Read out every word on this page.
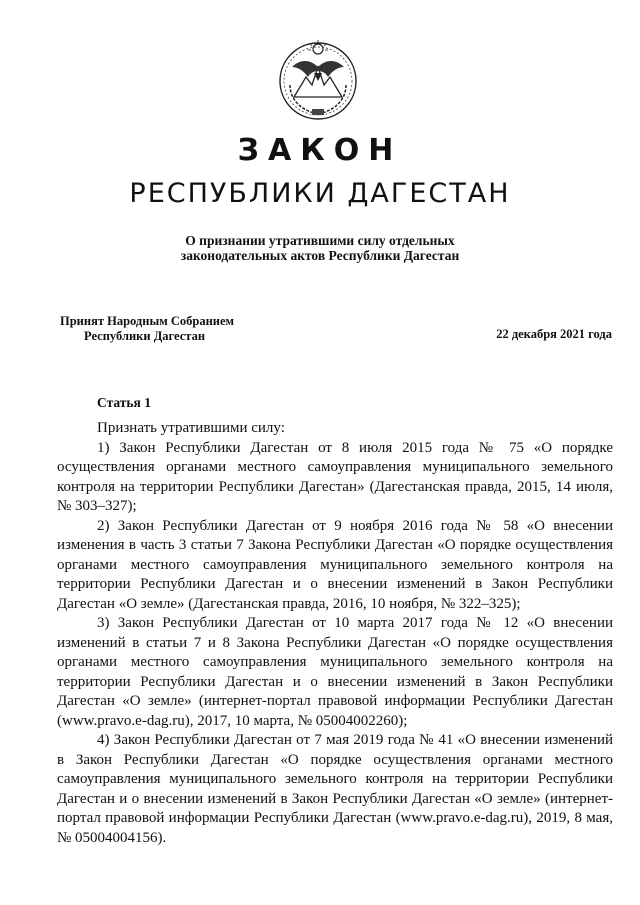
ЗАКОН
РЕСПУБЛИКИ ДАГЕСТАН
О признании утратившими силу отдельных законодательных актов Республики Дагестан
Принят Народным Собранием
Республики Дагестан	22 декабря 2021 года
Статья 1

Признать утратившими силу:

1) Закон Республики Дагестан от 8 июля 2015 года № 75 «О порядке осуществления органами местного самоуправления муниципального земельного контроля на территории Республики Дагестан» (Дагестанская правда, 2015, 14 июля, № 303–327);

2) Закон Республики Дагестан от 9 ноября 2016 года № 58 «О внесении изменения в часть 3 статьи 7 Закона Республики Дагестан «О порядке осуществления органами местного самоуправления муниципального земельного контроля на территории Республики Дагестан и о внесении изменений в Закон Республики Дагестан «О земле» (Дагестанская правда, 2016, 10 ноября, № 322–325);

3) Закон Республики Дагестан от 10 марта 2017 года № 12 «О внесении изменений в статьи 7 и 8 Закона Республики Дагестан «О порядке осуществления органами местного самоуправления муниципального земельного контроля на территории Республики Дагестан и о внесении изменений в Закон Республики Дагестан «О земле» (интернет-портал правовой информации Республики Дагестан (www.pravo.e-dag.ru), 2017, 10 марта, № 05004002260);

4) Закон Республики Дагестан от 7 мая 2019 года № 41 «О внесении изменений в Закон Республики Дагестан «О порядке осуществления органами местного самоуправления муниципального земельного контроля на территории Республики Дагестан и о внесении изменений в Закон Республики Дагестан «О земле» (интернет-портал правовой информации Республики Дагестан (www.pravo.e-dag.ru), 2019, 8 мая, № 05004004156).
